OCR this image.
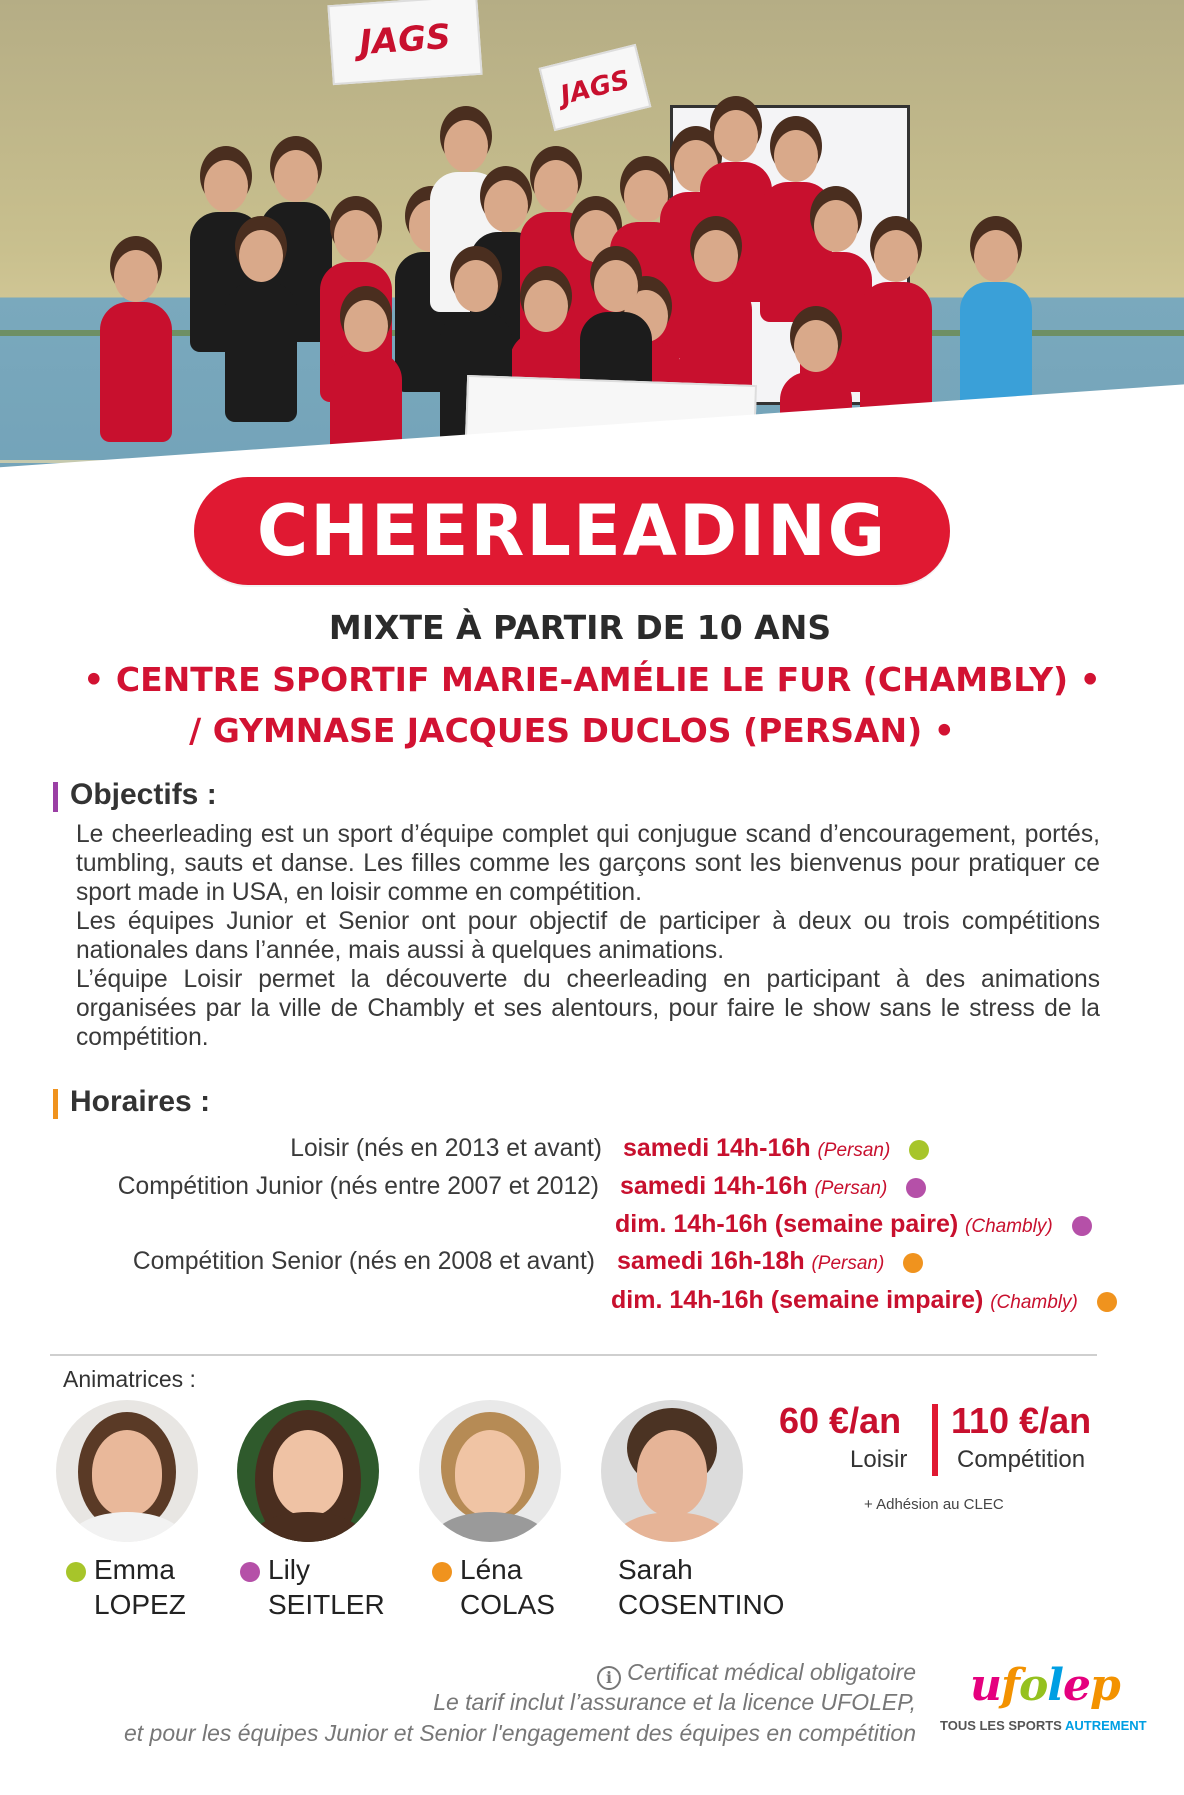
JAGS
JAGS
CHEERLEADING
MIXTE À PARTIR DE 10 ANS
• CENTRE SPORTIF MARIE-AMÉLIE LE FUR (CHAMBLY) •
/ GYMNASE JACQUES DUCLOS (PERSAN) •
Objectifs :

Le cheerleading est un sport d’équipe complet qui conjugue scand d’encouragement, portés, tumbling, sauts et danse. Les filles comme les garçons sont les bienvenus pour pratiquer ce sport made in USA, en loisir comme en compétition.

Les équipes Junior et Senior ont pour objectif de participer à deux ou trois compétitions nationales dans l’année, mais aussi à quelques animations.

L’équipe Loisir permet la découverte du cheerleading en participant à des animations organisées par la ville de Chambly et ses alentours, pour faire le show sans le stress de la compétition.

Horaires :
Loisir (nés en 2013 et avant) samedi 14h-16h (Persan)
Compétition Junior (nés entre 2007 et 2012) samedi 14h-16h (Persan)
dim. 14h-16h (semaine paire) (Chambly)
Compétition Senior (nés en 2008 et avant) samedi 16h-18h (Persan)
dim. 14h-16h (semaine impaire) (Chambly)
Animatrices :
Emma
LOPEZ
Lily
SEITLER
Léna
COLAS
Sarah
COSENTINO
60 €/an
Loisir
110 €/an
Compétition
+ Adhésion au CLEC
i Certificat médical obligatoire
Le tarif inclut l’assurance et la licence UFOLEP,
et pour les équipes Junior et Senior l'engagement des équipes en compétition
ufolep
TOUS LES SPORTS AUTREMENT
